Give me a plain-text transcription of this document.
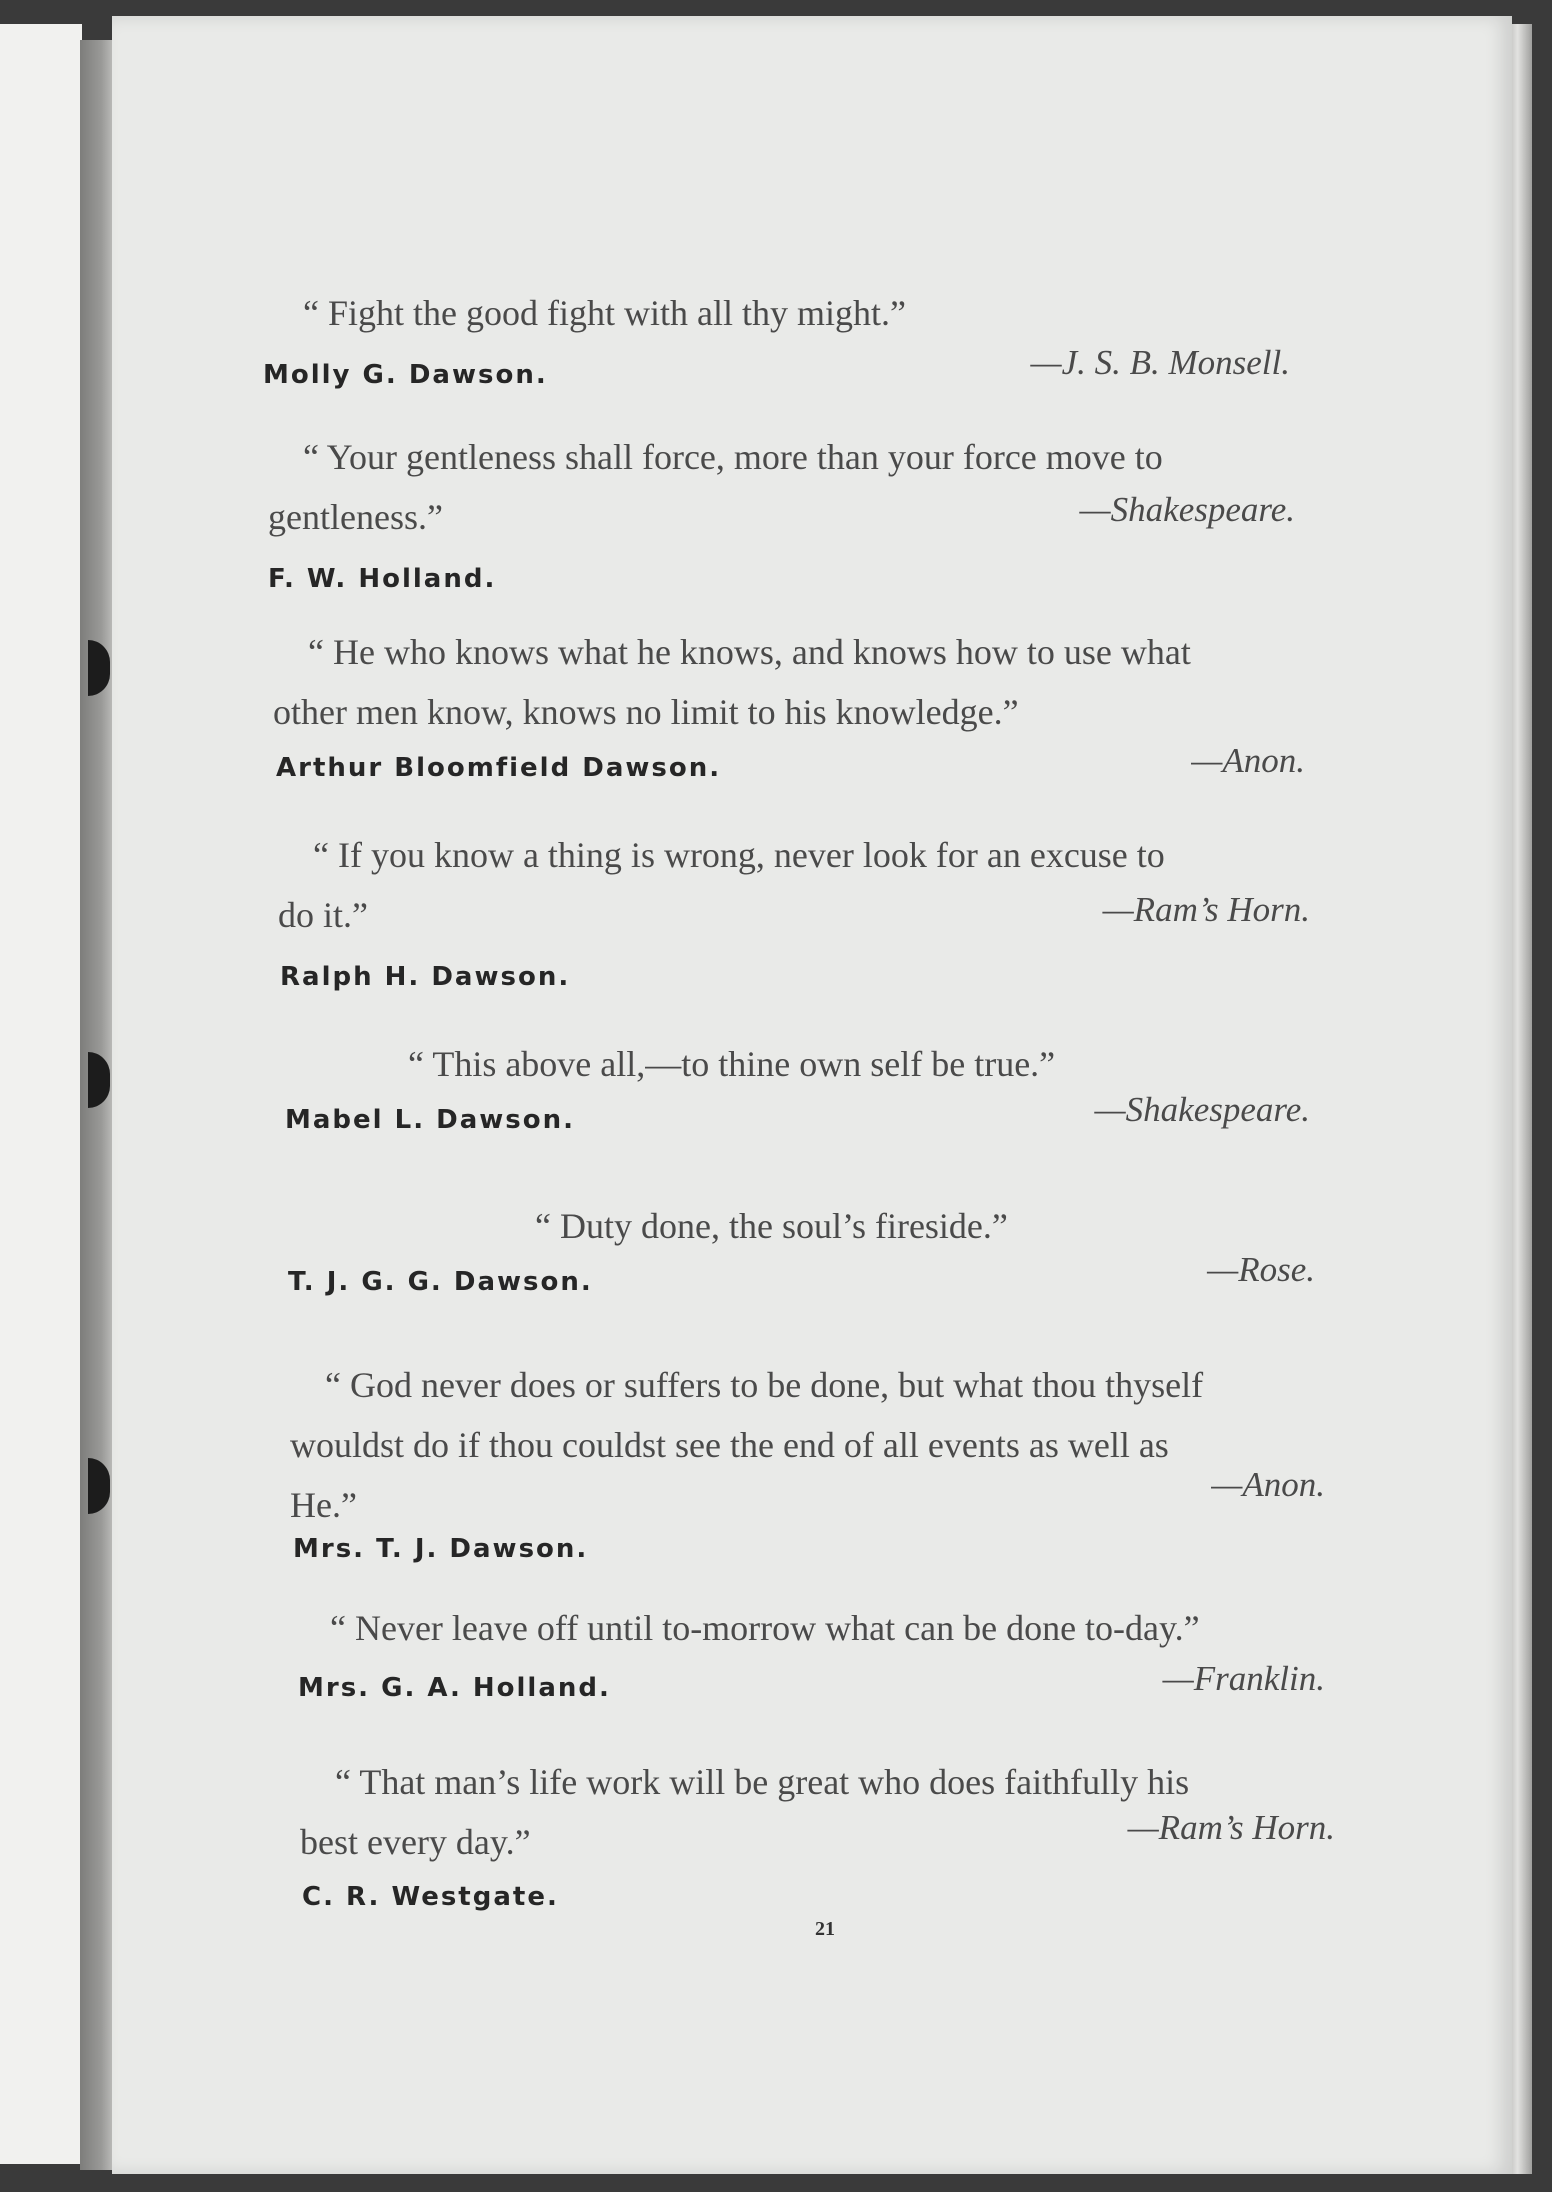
“ Fight the good fight with all thy might.”

—J. S. B. Monsell.

Molly G. Dawson.

“ Your gentleness shall force, more than your force move to
gentleness.”	—Shakespeare.

F. W. Holland.

“ He who knows what he knows, and knows how to use what
other men know, knows no limit to his knowledge.”

—Anon.

Arthur Bloomfield Dawson.

“ If you know a thing is wrong, never look for an excuse to
do it.”	—Ram’s Horn.

Ralph H. Dawson.

“ This above all,—to thine own self be true.”

—Shakespeare.

Mabel L. Dawson.

“ Duty done, the soul’s fireside.”

—Rose.

T. J. G. G. Dawson.

“ God never does or suffers to be done, but what thou thyself
wouldst do if thou couldst see the end of all events as well as
He.”

—Anon.

Mrs. T. J. Dawson.

“ Never leave off until to-morrow what can be done to-day.”

—Franklin.

Mrs. G. A. Holland.

“ That man’s life work will be great who does faithfully his
best every day.”	—Ram’s Horn.

C. R. Westgate.

21
